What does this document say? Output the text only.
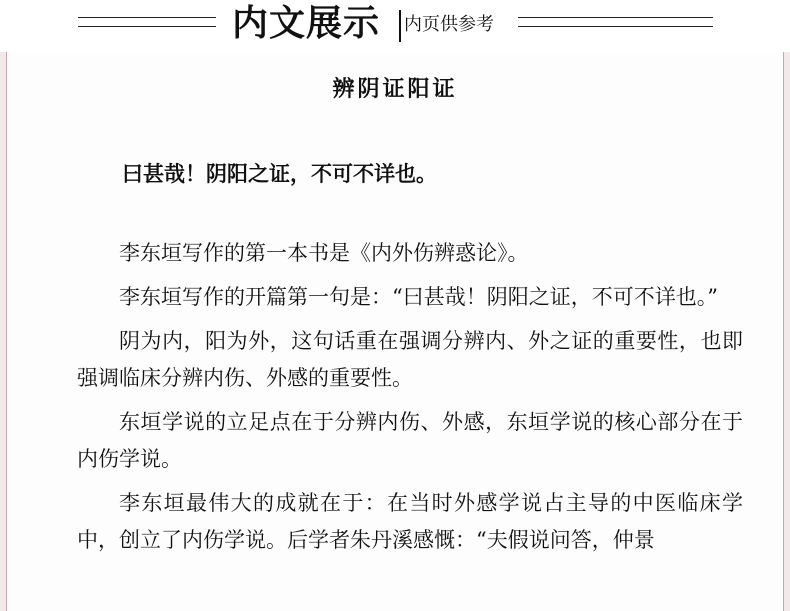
内文展示 内页供参考

辨阴证阳证
曰甚哉！阴阳之证，不可不详也。

李东垣写作的第一本书是《内外伤辨惑论》。

李东垣写作的开篇第一句是：“曰甚哉！阴阳之证，不可不详也。”

阴为内，阳为外，这句话重在强调分辨内、外之证的重要性，也即强调临床分辨内伤、外感的重要性。

东垣学说的立足点在于分辨内伤、外感，东垣学说的核心部分在于内伤学说。

李东垣最伟大的成就在于：在当时外感学说占主导的中医临床学中，创立了内伤学说。后学者朱丹溪感慨：“夫假说问答，仲景
